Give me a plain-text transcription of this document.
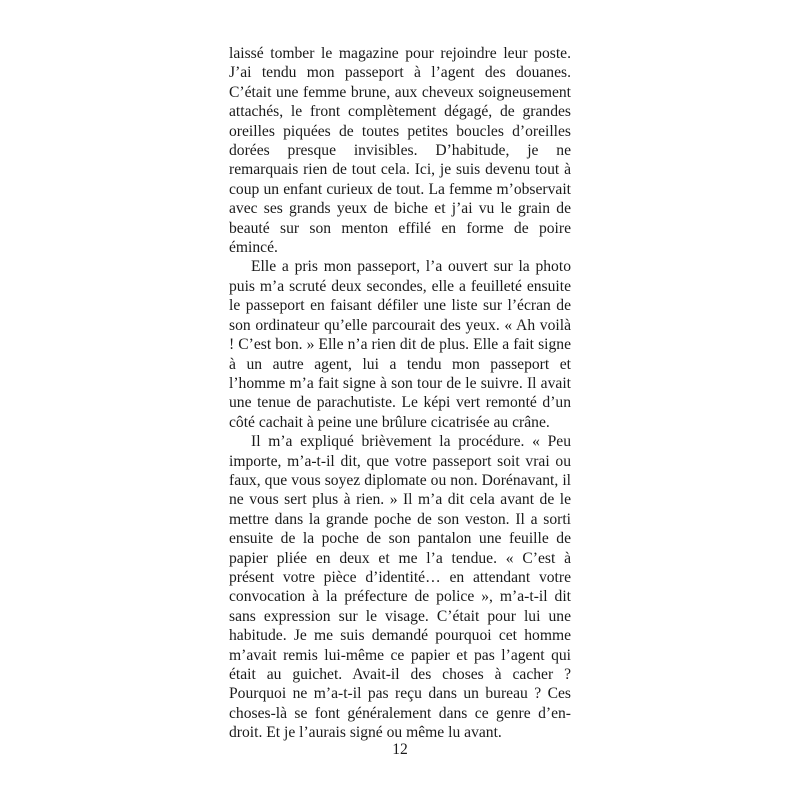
laissé tomber le magazine pour rejoindre leur poste. J’ai tendu mon passeport à l’agent des douanes. C’était une femme brune, aux cheveux soigneusement attachés, le front complètement dégagé, de grandes oreilles piquées de toutes petites boucles d’oreilles dorées presque invisibles. D’habitude, je ne remarquais rien de tout cela. Ici, je suis devenu tout à coup un enfant curieux de tout. La femme m’observait avec ses grands yeux de biche et j’ai vu le grain de beauté sur son menton effilé en forme de poire émincé.

Elle a pris mon passeport, l’a ouvert sur la photo puis m’a scruté deux secondes, elle a feuilleté ensuite le passeport en faisant défiler une liste sur l’écran de son ordinateur qu’elle parcourait des yeux. « Ah voilà ! C’est bon. » Elle n’a rien dit de plus. Elle a fait signe à un autre agent, lui a tendu mon passeport et l’homme m’a fait signe à son tour de le suivre. Il avait une tenue de parachutiste. Le képi vert remonté d’un côté cachait à peine une brûlure cicatrisée au crâne.

Il m’a expliqué brièvement la procédure. « Peu importe, m’a-t-il dit, que votre passeport soit vrai ou faux, que vous soyez diplomate ou non. Dorénavant, il ne vous sert plus à rien. » Il m’a dit cela avant de le mettre dans la grande poche de son veston. Il a sorti ensuite de la poche de son pantalon une feuille de papier pliée en deux et me l’a tendue. « C’est à présent votre pièce d’identité… en attendant votre convocation à la préfecture de police », m’a-t-il dit sans expression sur le visage. C’était pour lui une habitude. Je me suis demandé pourquoi cet homme m’avait remis lui-même ce papier et pas l’agent qui était au guichet. Avait-il des choses à cacher ? Pourquoi ne m’a-t-il pas reçu dans un bureau ? Ces choses-là se font généralement dans ce genre d’endroit. Et je l’aurais signé ou même lu avant.

12
